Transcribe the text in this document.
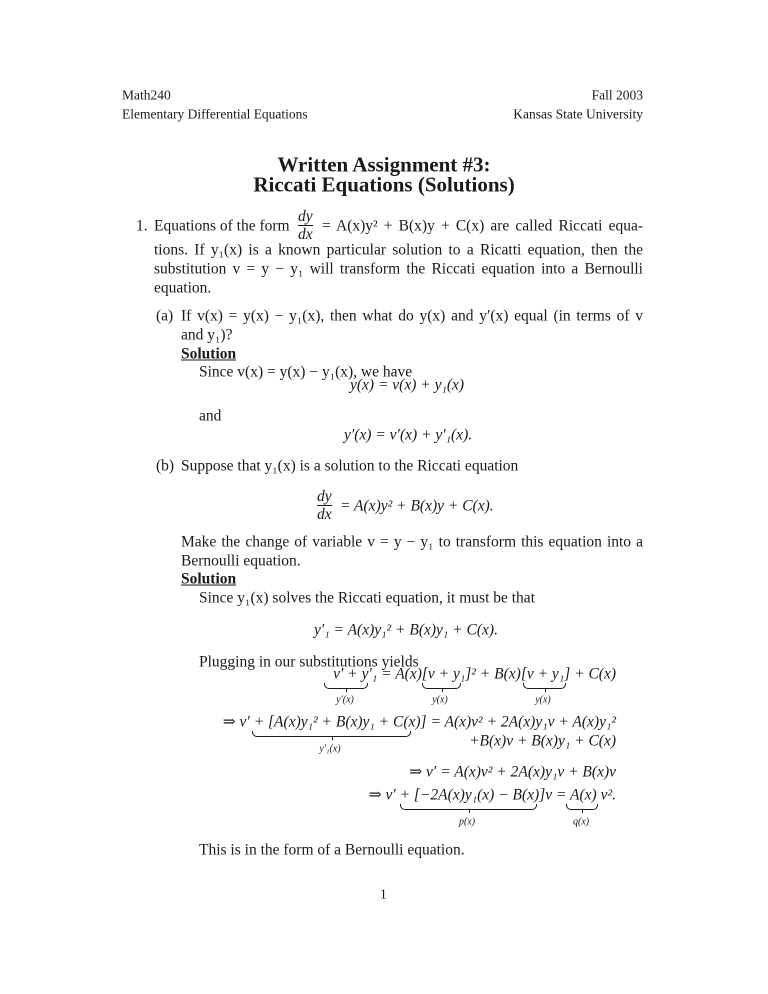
Math240
Elementary Differential Equations
Fall 2003
Kansas State University
Written Assignment #3:
Riccati Equations (Solutions)
1. Equations of the form
dy
dx = A(x)y² + B(x)y + C(x) are called Riccati equa-
tions. If y₁(x) is a known particular solution to a Ricatti equation, then the
substitution v = y − y₁ will transform the Riccati equation into a Bernoulli
equation.
(a) If v(x) = y(x) − y₁(x), then what do y(x) and y′(x) equal (in terms of v
and y₁)?
Solution
Since v(x) = y(x) − y₁(x), we have
y(x) = v(x) + y₁(x)
and
y′(x) = v′(x) + y′₁(x).
(b) Suppose that y₁(x) is a solution to the Riccati equation
dy
dx = A(x)y² + B(x)y + C(x).
Make the change of variable v = y − y₁ to transform this equation into a
Bernoulli equation.
Solution
Since y₁(x) solves the Riccati equation, it must be that
y′₁ = A(x)y₁² + B(x)y₁ + C(x).
Plugging in our substitutions yields
v′ + y′₁ = A(x)[v + y₁]² + B(x)[v + y₁] + C(x)
y′(x)	y(x)	y(x)
⇒ v′ + [A(x)y₁² + B(x)y₁ + C(x)] = A(x)v² + 2A(x)y₁v + A(x)y₁²
y′₁(x)	+B(x)v + B(x)y₁ + C(x)
⇒ v′ = A(x)v² + 2A(x)y₁v + B(x)v
⇒ v′ + [−2A(x)y₁(x) − B(x)]v = A(x) v².
p(x)	q(x)
This is in the form of a Bernoulli equation.
1
